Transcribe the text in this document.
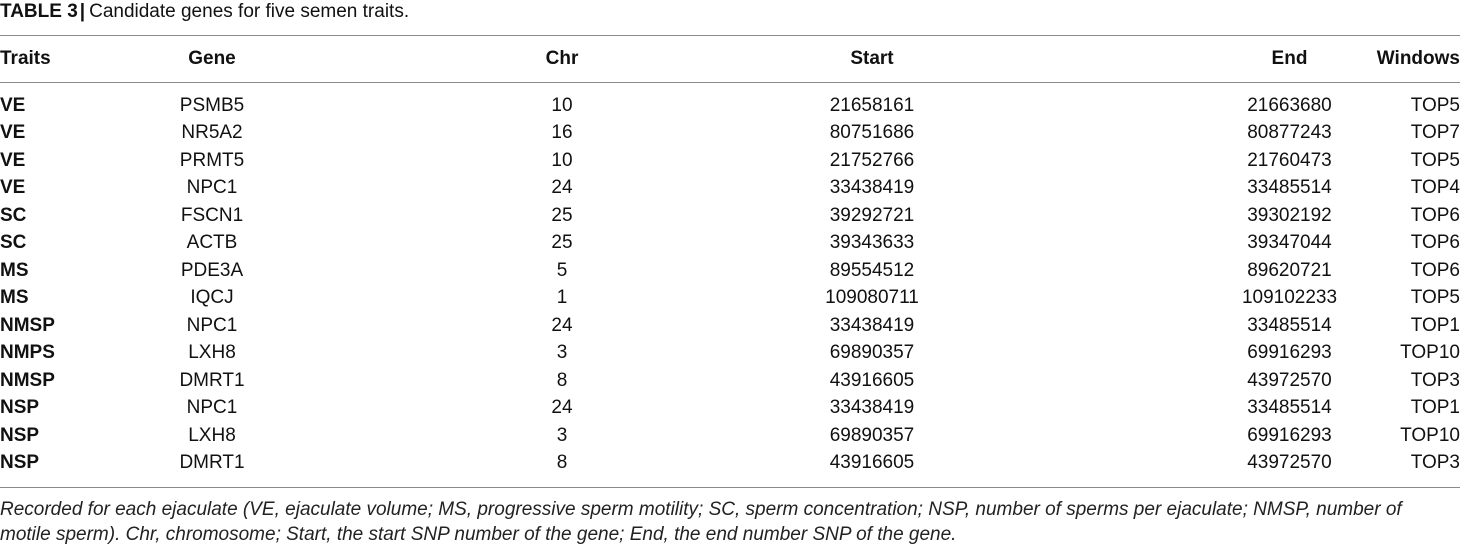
TABLE 3 | Candidate genes for five semen traits.
Traits	Gene	Chr	Start	End	Windows
VE	PSMB5	10	21658161	21663680	TOP5
VE	NR5A2	16	80751686	80877243	TOP7
VE	PRMT5	10	21752766	21760473	TOP5
VE	NPC1	24	33438419	33485514	TOP4
SC	FSCN1	25	39292721	39302192	TOP6
SC	ACTB	25	39343633	39347044	TOP6
MS	PDE3A	5	89554512	89620721	TOP6
MS	IQCJ	1	109080711	109102233	TOP5
NMSP	NPC1	24	33438419	33485514	TOP1
NMPS	LXH8	3	69890357	69916293	TOP10
NMSP	DMRT1	8	43916605	43972570	TOP3
NSP	NPC1	24	33438419	33485514	TOP1
NSP	LXH8	3	69890357	69916293	TOP10
NSP	DMRT1	8	43916605	43972570	TOP3
Recorded for each ejaculate (VE, ejaculate volume; MS, progressive sperm motility; SC, sperm concentration; NSP, number of sperms per ejaculate; NMSP, number of motile sperm). Chr, chromosome; Start, the start SNP number of the gene; End, the end number SNP of the gene.
